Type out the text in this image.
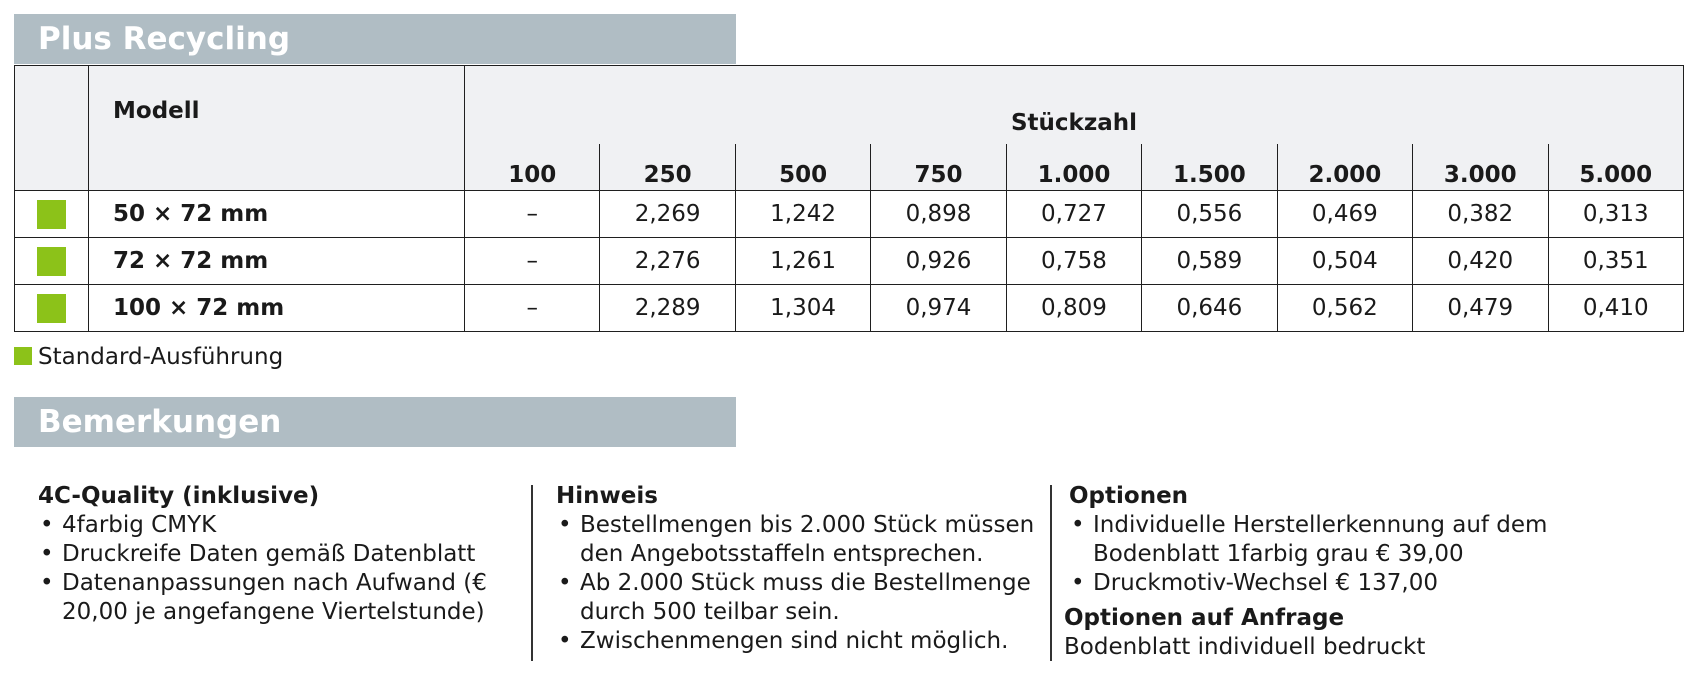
Plus Recycling
	Modell	Stückzahl								
		100	250	500	750	1.000	1.500	2.000	3.000	5.000
	50 × 72 mm	–	2,269	1,242	0,898	0,727	0,556	0,469	0,382	0,313
	72 × 72 mm	–	2,276	1,261	0,926	0,758	0,589	0,504	0,420	0,351
	100 × 72 mm	–	2,289	1,304	0,974	0,809	0,646	0,562	0,479	0,410
Standard-Ausführung
Bemerkungen
4C-Quality (inklusive)
• 4farbig CMYK
• Druckreife Daten gemäß Datenblatt
• Datenanpassungen nach Aufwand (€ 20,00 je angefangene Viertelstunde)
Hinweis
• Bestellmengen bis 2.000 Stück müssen den Angebotsstaffeln entsprechen.
• Ab 2.000 Stück muss die Bestellmenge durch 500 teilbar sein.
• Zwischenmengen sind nicht möglich.
Optionen
• Individuelle Herstellerkennung auf dem Bodenblatt 1farbig grau € 39,00
• Druckmotiv-Wechsel € 137,00
Optionen auf Anfrage
Bodenblatt individuell bedruckt
